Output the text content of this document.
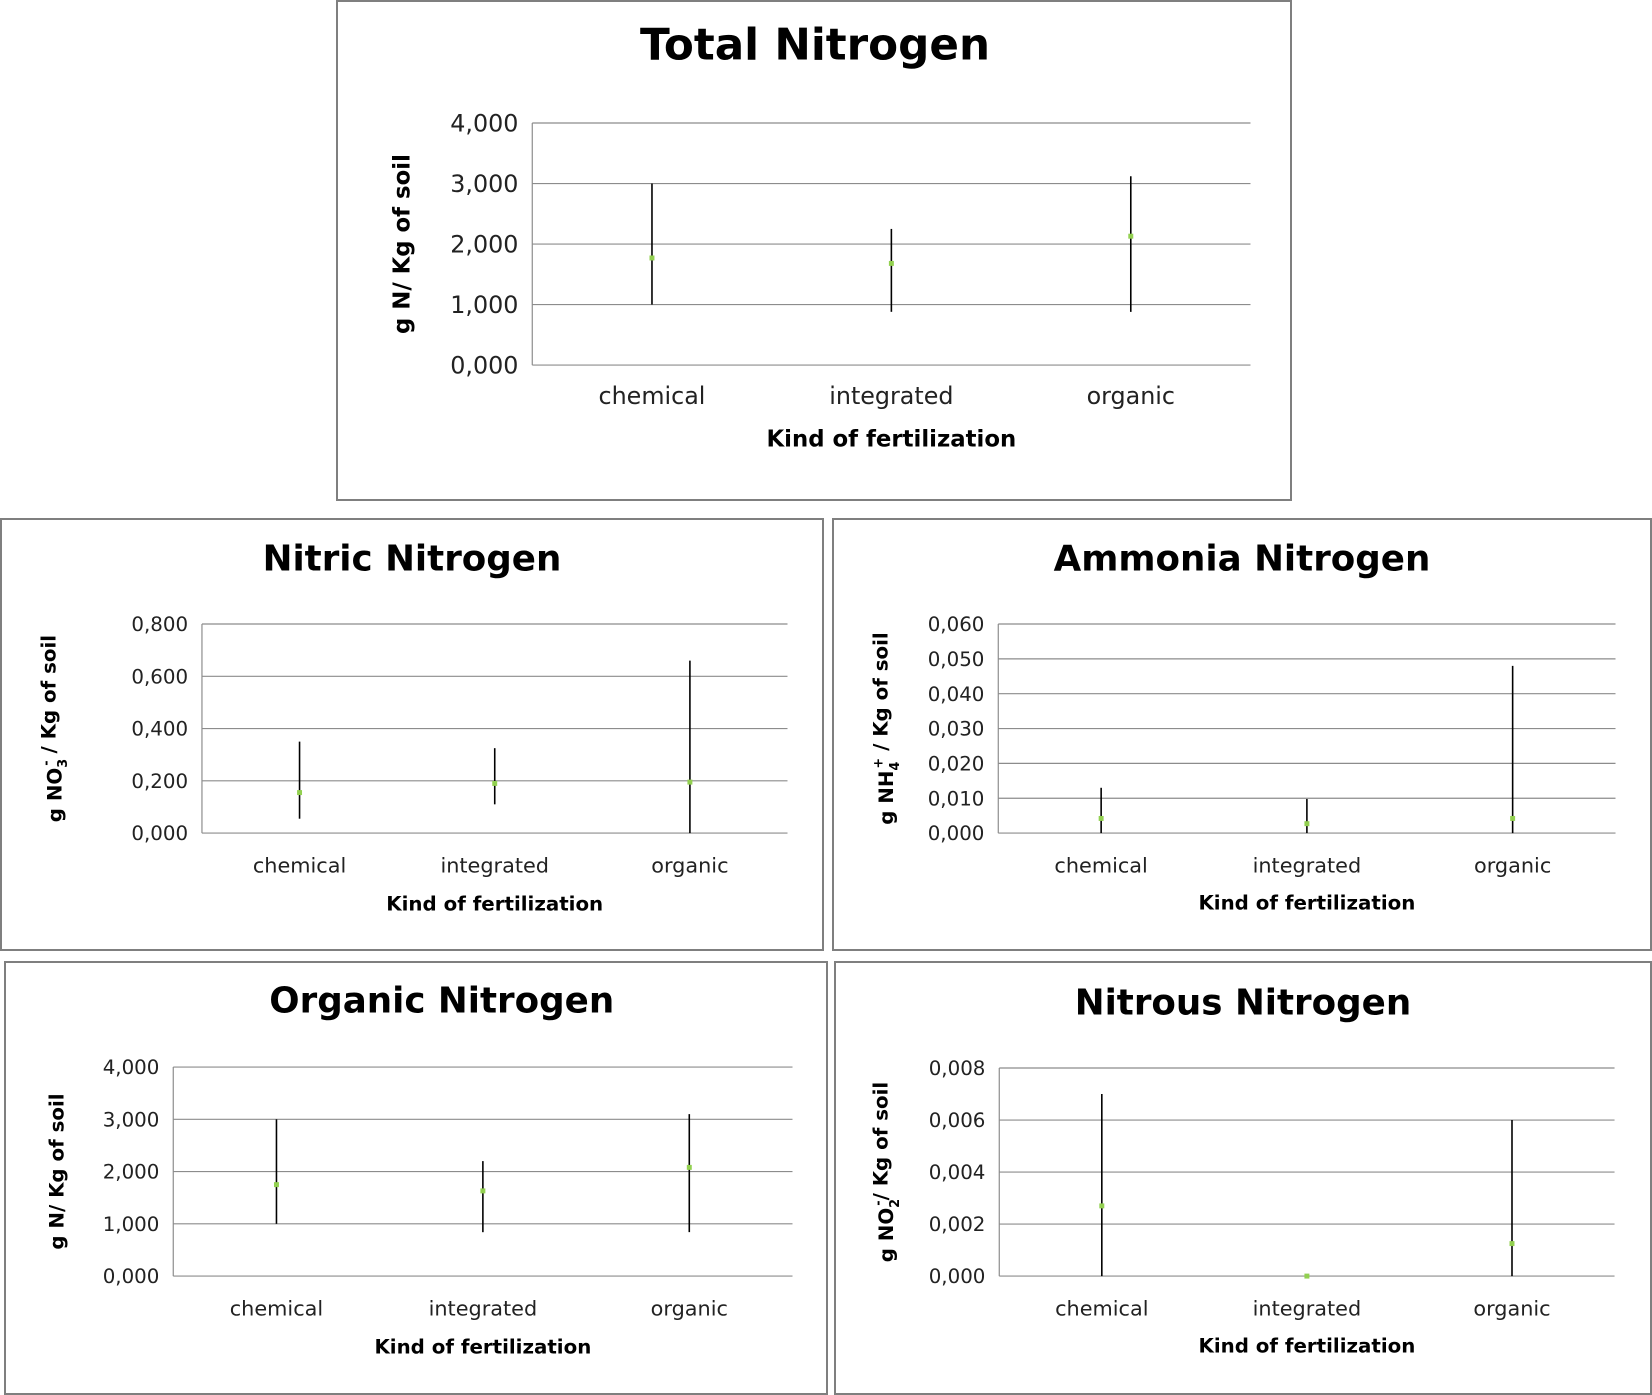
Total Nitrogen
0,000
1,000
2,000
3,000
4,000
chemical	integrated	organic
Kind of fertilization
g N/ Kg of soil
Nitric Nitrogen
0,000
0,200
0,400
0,600
0,800
chemical	integrated	organic
Kind of fertilization
g $NO_3-$ / Kg of soil
Ammonia Nitrogen
0,000
0,010
0,020
0,030
0,040
0,050
0,060
chemical	integrated	organic
Kind of fertilization
g $NH_4+ / Kg$ of soil
Organic Nitrogen
0,000
1,000
2,000
3,000
4,000
chemical	integrated	organic
Kind of fertilization
g N/ Kg of soil
Nitrous Nitrogen
0,000
0,002
0,004
0,006
0,008
chemical	integrated	organic
Kind of fertilization
g $NO_2-/$ Kg of soil
